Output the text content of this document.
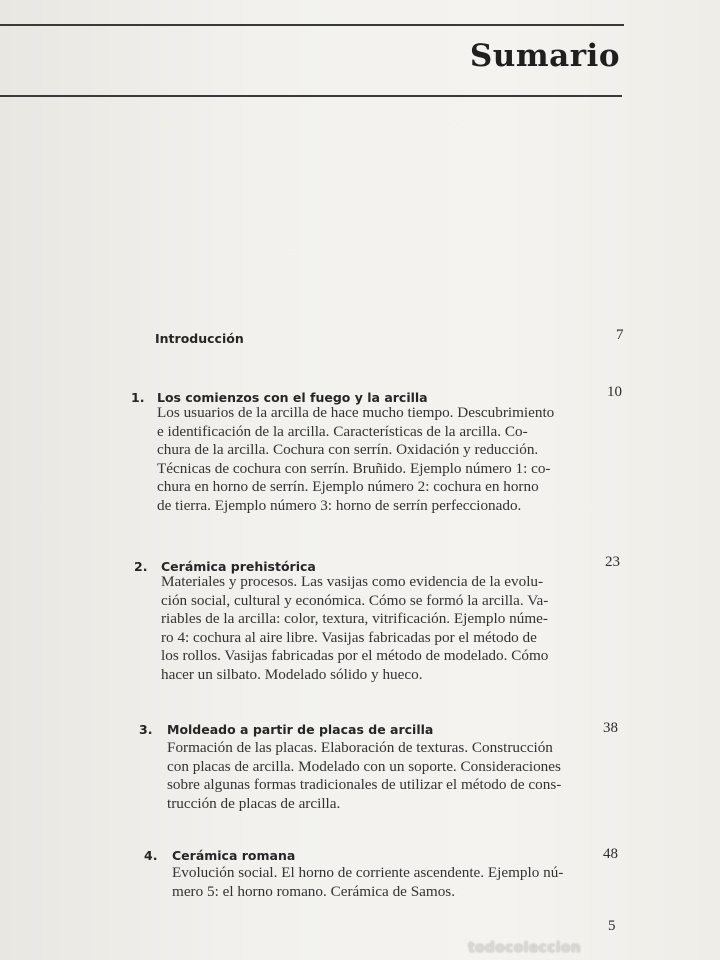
Sumario
Introducción	7
1. Los comienzos con el fuego y la arcilla	10
Los usuarios de la arcilla de hace mucho tiempo. Descubrimiento
e identificación de la arcilla. Características de la arcilla. Co-
chura de la arcilla. Cochura con serrín. Oxidación y reducción.
Técnicas de cochura con serrín. Bruñido. Ejemplo número 1: co-
chura en horno de serrín. Ejemplo número 2: cochura en horno
de tierra. Ejemplo número 3: horno de serrín perfeccionado.
2. Cerámica prehistórica	23
Materiales y procesos. Las vasijas como evidencia de la evolu-
ción social, cultural y económica. Cómo se formó la arcilla. Va-
riables de la arcilla: color, textura, vitrificación. Ejemplo núme-
ro 4: cochura al aire libre. Vasijas fabricadas por el método de
los rollos. Vasijas fabricadas por el método de modelado. Cómo
hacer un silbato. Modelado sólido y hueco.
3. Moldeado a partir de placas de arcilla	38
Formación de las placas. Elaboración de texturas. Construcción
con placas de arcilla. Modelado con un soporte. Consideraciones
sobre algunas formas tradicionales de utilizar el método de cons-
trucción de placas de arcilla.
4. Cerámica romana	48
Evolución social. El horno de corriente ascendente. Ejemplo nú-
mero 5: el horno romano. Cerámica de Samos.
5
todocoleccion
